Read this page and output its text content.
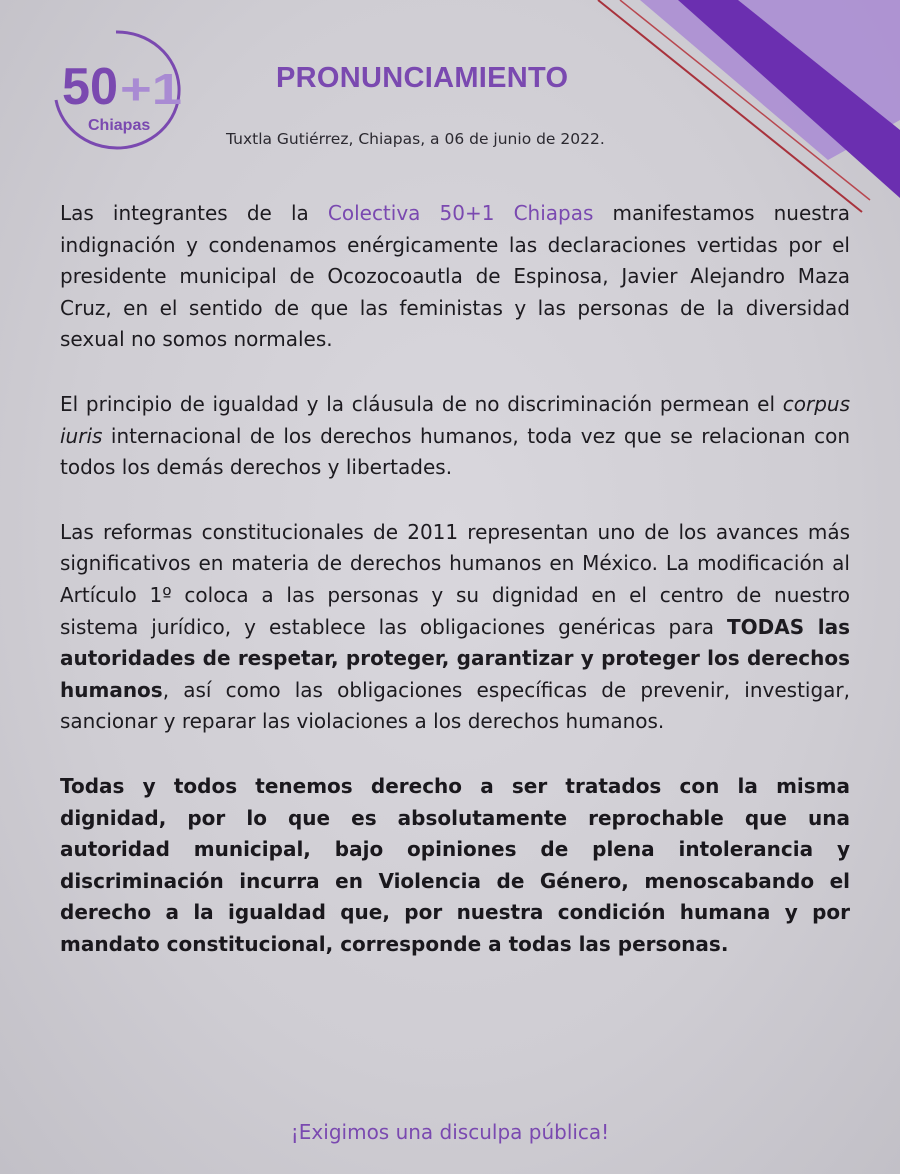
50 +1
Chiapas
PRONUNCIAMIENTO

Tuxtla Gutiérrez, Chiapas, a 06 de junio de 2022.

Las integrantes de la Colectiva 50+1 Chiapas manifestamos nuestra indignación y condenamos enérgicamente las declaraciones vertidas por el presidente municipal de Ocozocoautla de Espinosa, Javier Alejandro Maza Cruz, en el sentido de que las feministas y las personas de la diversidad sexual no somos normales.

El principio de igualdad y la cláusula de no discriminación permean el corpus iuris internacional de los derechos humanos, toda vez que se relacionan con todos los demás derechos y libertades.

Las reformas constitucionales de 2011 representan uno de los avances más significativos en materia de derechos humanos en México. La modificación al Artículo 1º coloca a las personas y su dignidad en el centro de nuestro sistema jurídico, y establece las obligaciones genéricas para TODAS las autoridades de respetar, proteger, garantizar y proteger los derechos humanos, así como las obligaciones específicas de prevenir, investigar, sancionar y reparar las violaciones a los derechos humanos.

Todas y todos tenemos derecho a ser tratados con la misma dignidad, por lo que es absolutamente reprochable que una autoridad municipal, bajo opiniones de plena intolerancia y discriminación incurra en Violencia de Género, menoscabando el derecho a la igualdad que, por nuestra condición humana y por mandato constitucional, corresponde a todas las personas.

¡Exigimos una disculpa pública!
